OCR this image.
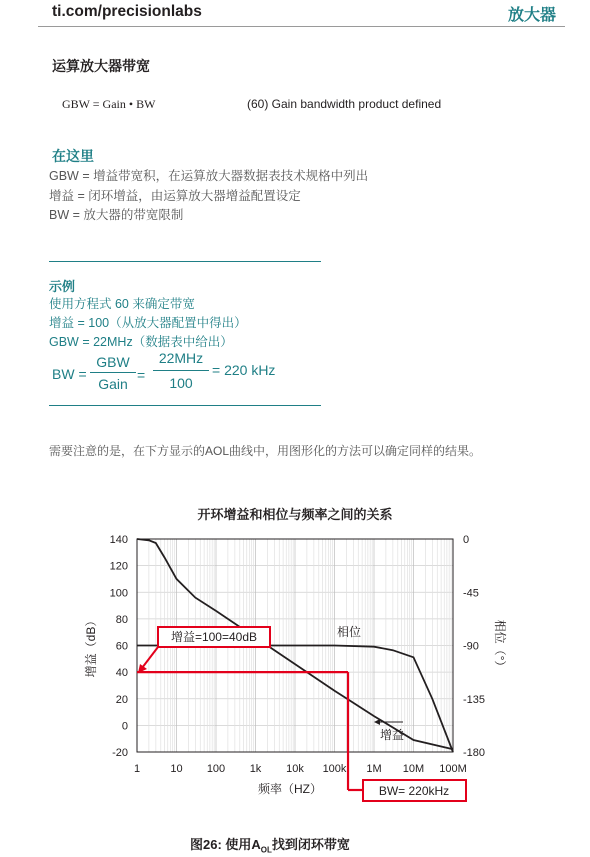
ti.com/precisionlabs	放大器
运算放大器带宽
GBW = Gain • BW	(60) Gain bandwidth product defined
在这里
GBW = 增益带宽积，在运算放大器数据表技术规格中列出
增益 = 闭环增益，由运算放大器增益配置设定
BW = 放大器的带宽限制
示例
使用方程式 60 来确定带宽
增益 = 100（从放大器配置中得出）
GBW = 22MHz（数据表中给出）
BW =
GBW
Gain
=
22MHz
100
= 220 kHz
需要注意的是，在下方显示的AOL曲线中，用图形化的方法可以确定同样的结果。
开环增益和相位与频率之间的关系
140
120
100
80
60
40
20
0
-20
0
-45
-90
-135
-180
1	10 100 1k 10k 100k 1M 10M 100M
增益（dB）	相位（°）
频率（HZ）
相位
增益
增益=100=40dB
BW= 220kHz
图26: 使用$A_{OL}$找到闭环带宽
